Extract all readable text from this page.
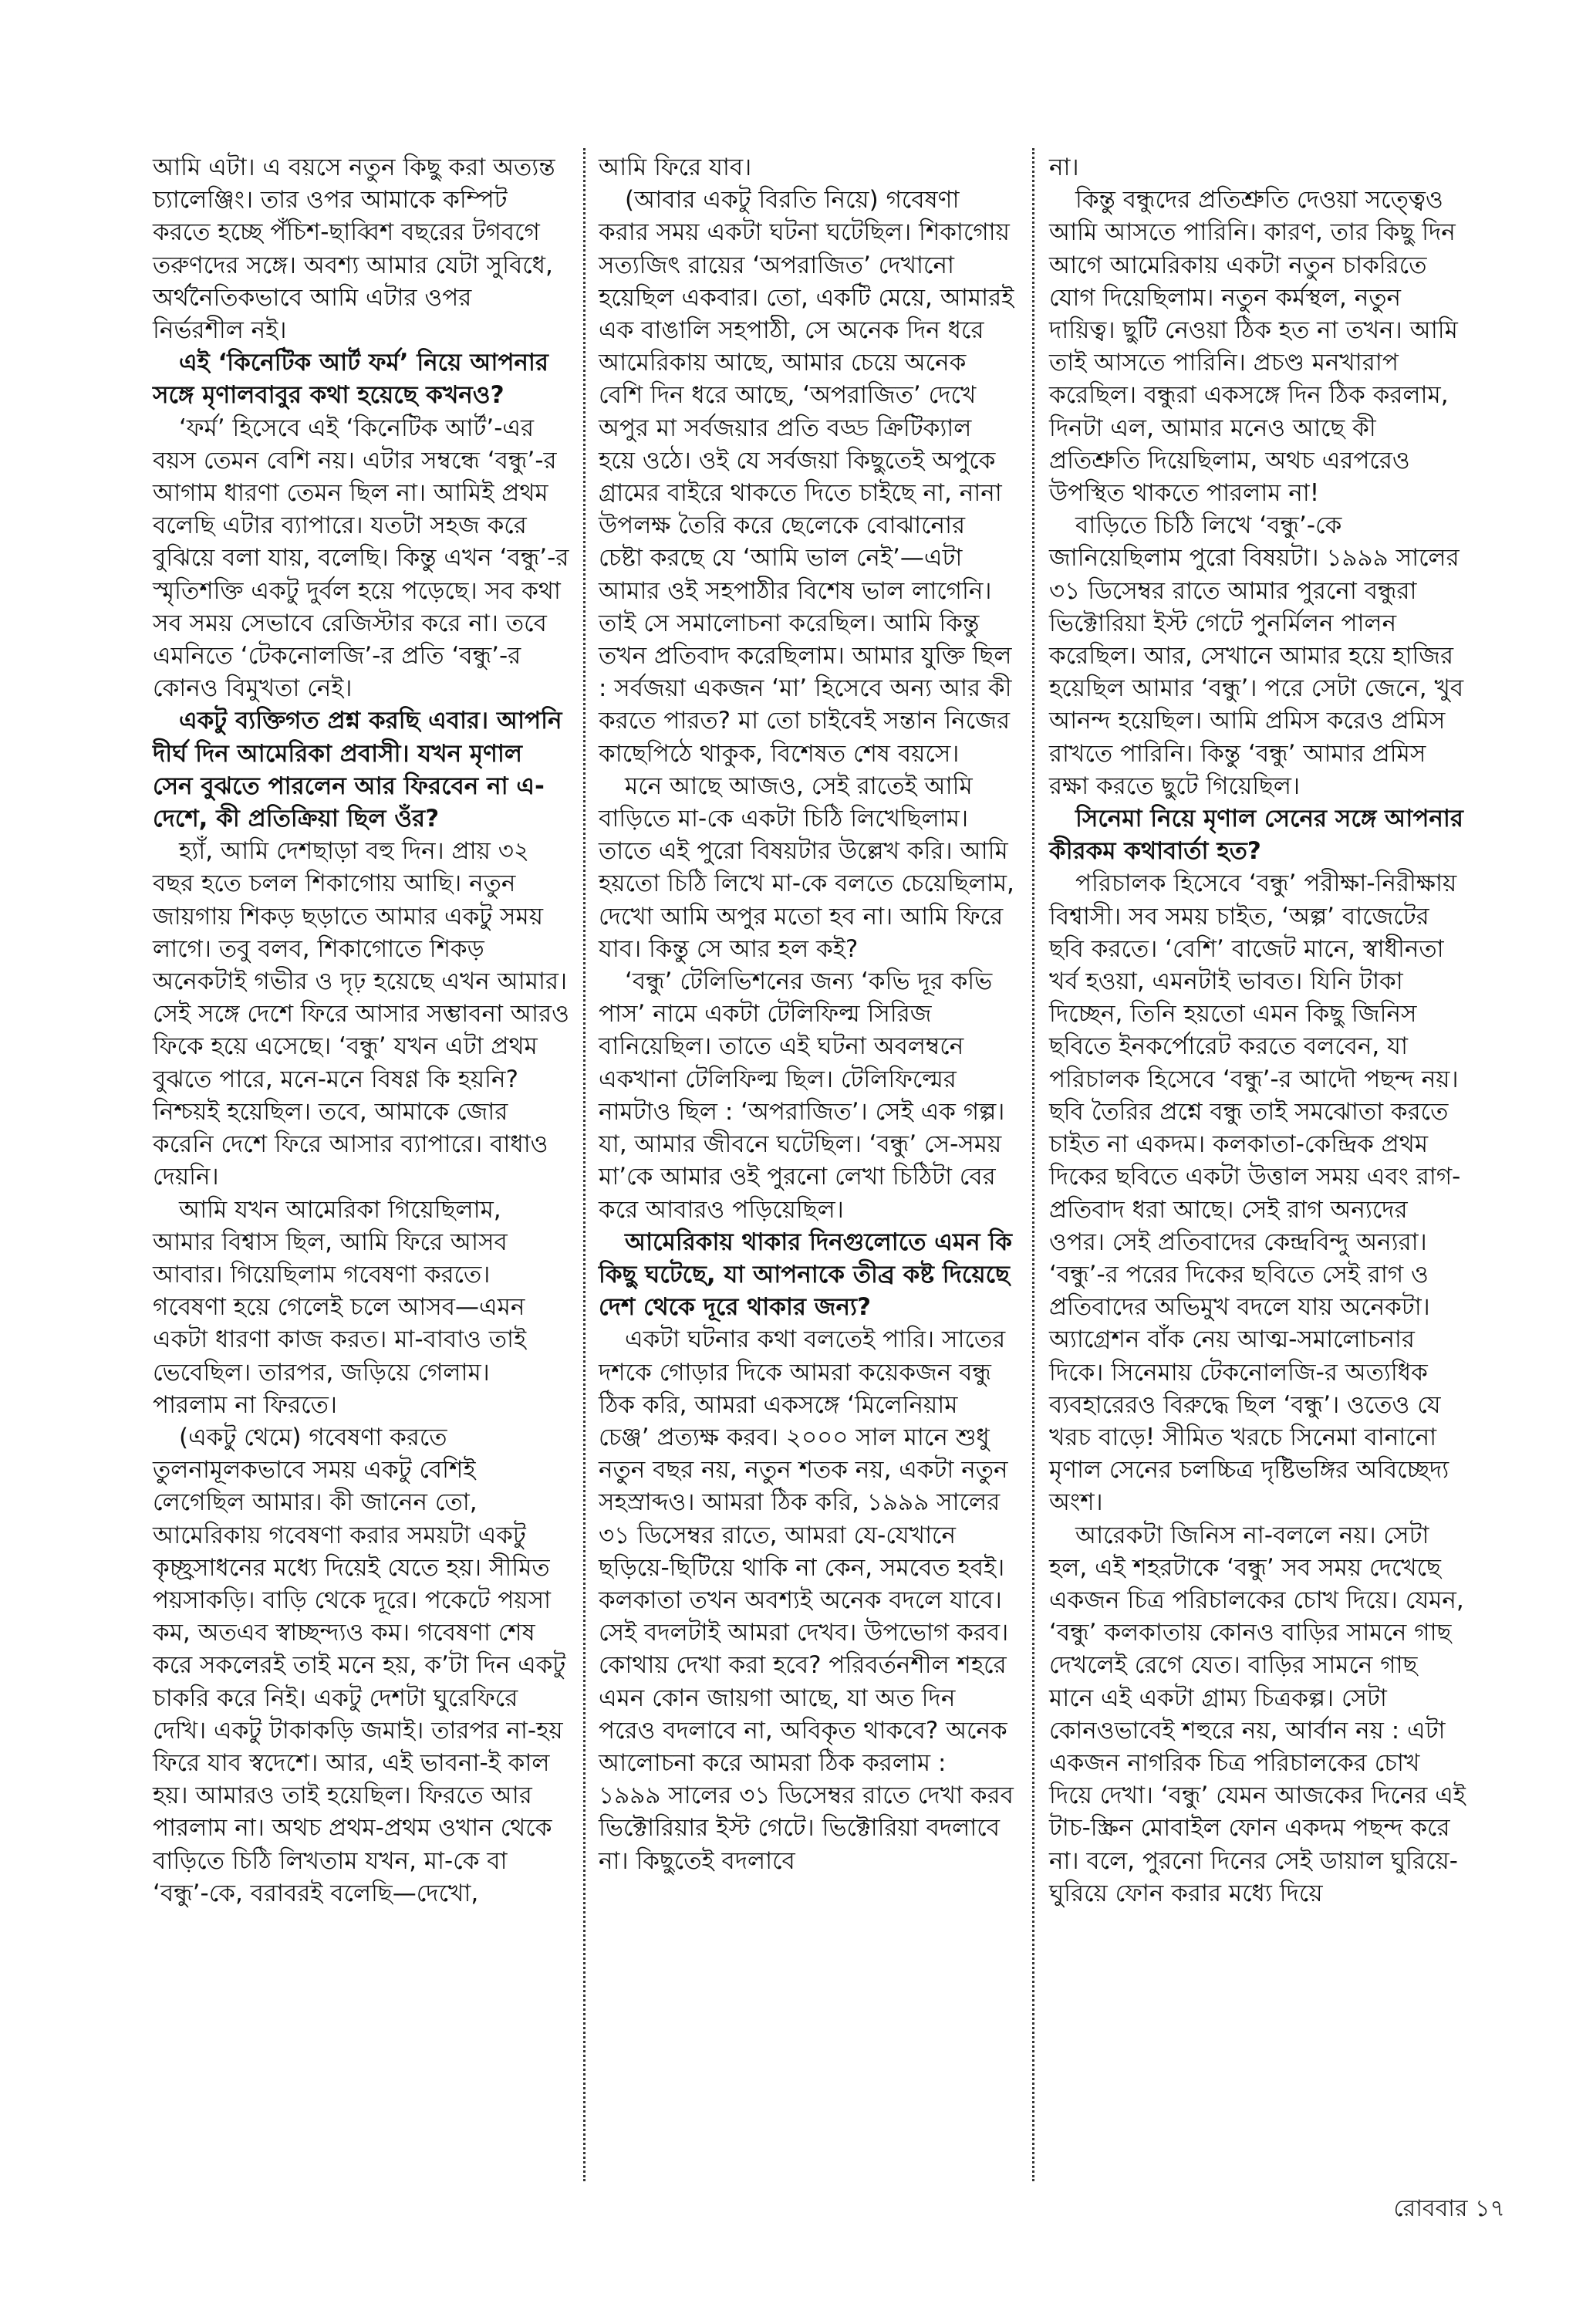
আমি এটা। এ বয়সে নতুন কিছু করা অত্যন্ত চ্যালেঞ্জিং। তার ওপর আমাকে কম্পিট করতে হচ্ছে পঁচিশ-ছাব্বিশ বছরের টগবগে তরুণদের সঙ্গে। অবশ্য আমার যেটা সুবিধে, অর্থনৈতিকভাবে আমি এটার ওপর নির্ভরশীল নই।

এই ‘কিনেটিক আর্ট ফর্ম’ নিয়ে আপনার সঙ্গে মৃণালবাবুর কথা হয়েছে কখনও?

‘ফর্ম’ হিসেবে এই ‘কিনেটিক আর্ট’-এর বয়স তেমন বেশি নয়। এটার সম্বন্ধে ‘বন্ধু’-র আগাম ধারণা তেমন ছিল না। আমিই প্রথম বলেছি এটার ব্যাপারে। যতটা সহজ করে বুঝিয়ে বলা যায়, বলেছি। কিন্তু এখন ‘বন্ধু’-র স্মৃতিশক্তি একটু দুর্বল হয়ে পড়েছে। সব কথা সব সময় সেভাবে রেজিস্টার করে না। তবে এমনিতে ‘টেকনোলজি’-র প্রতি ‘বন্ধু’-র কোনও বিমুখতা নেই।

একটু ব্যক্তিগত প্রশ্ন করছি এবার। আপনি দীর্ঘ দিন আমেরিকা প্রবাসী। যখন মৃণাল সেন বুঝতে পারলেন আর ফিরবেন না এ-দেশে, কী প্রতিক্রিয়া ছিল ওঁর?

হ্যাঁ, আমি দেশছাড়া বহু দিন। প্রায় ৩২ বছর হতে চলল শিকাগোয় আছি। নতুন জায়গায় শিকড় ছড়াতে আমার একটু সময় লাগে। তবু বলব, শিকাগোতে শিকড় অনেকটাই গভীর ও দৃঢ় হয়েছে এখন আমার। সেই সঙ্গে দেশে ফিরে আসার সম্ভাবনা আরও ফিকে হয়ে এসেছে। ‘বন্ধু’ যখন এটা প্রথম বুঝতে পারে, মনে-মনে বিষণ্ণ কি হয়নি? নিশ্চয়ই হয়েছিল। তবে, আমাকে জোর করেনি দেশে ফিরে আসার ব্যাপারে। বাধাও দেয়নি।

আমি যখন আমেরিকা গিয়েছিলাম, আমার বিশ্বাস ছিল, আমি ফিরে আসব আবার। গিয়েছিলাম গবেষণা করতে। গবেষণা হয়ে গেলেই চলে আসব—এমন একটা ধারণা কাজ করত। মা-বাবাও তাই ভেবেছিল। তারপর, জড়িয়ে গেলাম। পারলাম না ফিরতে।

(একটু থেমে) গবেষণা করতে তুলনামূলকভাবে সময় একটু বেশিই লেগেছিল আমার। কী জানেন তো, আমেরিকায় গবেষণা করার সময়টা একটু কৃচ্ছ্রসাধনের মধ্যে দিয়েই যেতে হয়। সীমিত পয়সাকড়ি। বাড়ি থেকে দূরে। পকেটে পয়সা কম, অতএব স্বাচ্ছন্দ্যও কম। গবেষণা শেষ করে সকলেরই তাই মনে হয়, ক’টা দিন একটু চাকরি করে নিই। একটু দেশটা ঘুরেফিরে দেখি। একটু টাকাকড়ি জমাই। তারপর না-হয় ফিরে যাব স্বদেশে। আর, এই ভাবনা-ই কাল হয়। আমারও তাই হয়েছিল। ফিরতে আর পারলাম না। অথচ প্রথম-প্রথম ওখান থেকে বাড়িতে চিঠি লিখতাম যখন, মা-কে বা ‘বন্ধু’-কে, বরাবরই বলেছি—দেখো,

আমি ফিরে যাব।

(আবার একটু বিরতি নিয়ে) গবেষণা করার সময় একটা ঘটনা ঘটেছিল। শিকাগোয় সত্যজিৎ রায়ের ‘অপরাজিত’ দেখানো হয়েছিল একবার। তো, একটি মেয়ে, আমারই এক বাঙালি সহপাঠী, সে অনেক দিন ধরে আমেরিকায় আছে, আমার চেয়ে অনেক বেশি দিন ধরে আছে, ‘অপরাজিত’ দেখে অপুর মা সর্বজয়ার প্রতি বড্ড ক্রিটিক্যাল হয়ে ওঠে। ওই যে সর্বজয়া কিছুতেই অপুকে গ্রামের বাইরে থাকতে দিতে চাইছে না, নানা উপলক্ষ তৈরি করে ছেলেকে বোঝানোর চেষ্টা করছে যে ‘আমি ভাল নেই’—এটা আমার ওই সহপাঠীর বিশেষ ভাল লাগেনি। তাই সে সমালোচনা করেছিল। আমি কিন্তু তখন প্রতিবাদ করেছিলাম। আমার যুক্তি ছিল : সর্বজয়া একজন ‘মা’ হিসেবে অন্য আর কী করতে পারত? মা তো চাইবেই সন্তান নিজের কাছেপিঠে থাকুক, বিশেষত শেষ বয়সে।

মনে আছে আজও, সেই রাতেই আমি বাড়িতে মা-কে একটা চিঠি লিখেছিলাম। তাতে এই পুরো বিষয়টার উল্লেখ করি। আমি হয়তো চিঠি লিখে মা-কে বলতে চেয়েছিলাম, দেখো আমি অপুর মতো হব না। আমি ফিরে যাব। কিন্তু সে আর হল কই?

‘বন্ধু’ টেলিভিশনের জন্য ‘কভি দূর কভি পাস’ নামে একটা টেলিফিল্ম সিরিজ বানিয়েছিল। তাতে এই ঘটনা অবলম্বনে একখানা টেলিফিল্ম ছিল। টেলিফিল্মের নামটাও ছিল : ‘অপরাজিত’। সেই এক গল্প। যা, আমার জীবনে ঘটেছিল। ‘বন্ধু’ সে-সময় মা’কে আমার ওই পুরনো লেখা চিঠিটা বের করে আবারও পড়িয়েছিল।

আমেরিকায় থাকার দিনগুলোতে এমন কি কিছু ঘটেছে, যা আপনাকে তীব্র কষ্ট দিয়েছে দেশ থেকে দূরে থাকার জন্য?

একটা ঘটনার কথা বলতেই পারি। সাতের দশকে গোড়ার দিকে আমরা কয়েকজন বন্ধু ঠিক করি, আমরা একসঙ্গে ‘মিলেনিয়াম চেঞ্জ’ প্রত্যক্ষ করব। ২০০০ সাল মানে শুধু নতুন বছর নয়, নতুন শতক নয়, একটা নতুন সহস্রাব্দও। আমরা ঠিক করি, ১৯৯৯ সালের ৩১ ডিসেম্বর রাতে, আমরা যে-যেখানে ছড়িয়ে-ছিটিয়ে থাকি না কেন, সমবেত হবই। কলকাতা তখন অবশ্যই অনেক বদলে যাবে। সেই বদলটাই আমরা দেখব। উপভোগ করব। কোথায় দেখা করা হবে? পরিবর্তনশীল শহরে এমন কোন জায়গা আছে, যা অত দিন পরেও বদলাবে না, অবিকৃত থাকবে? অনেক আলোচনা করে আমরা ঠিক করলাম : ১৯৯৯ সালের ৩১ ডিসেম্বর রাতে দেখা করব ভিক্টোরিয়ার ইস্ট গেটে। ভিক্টোরিয়া বদলাবে না। কিছুতেই বদলাবে

না।

কিন্তু বন্ধুদের প্রতিশ্রুতি দেওয়া সত্ত্বেও আমি আসতে পারিনি। কারণ, তার কিছু দিন আগে আমেরিকায় একটা নতুন চাকরিতে যোগ দিয়েছিলাম। নতুন কর্মস্থল, নতুন দায়িত্ব। ছুটি নেওয়া ঠিক হত না তখন। আমি তাই আসতে পারিনি। প্রচণ্ড মনখারাপ করেছিল। বন্ধুরা একসঙ্গে দিন ঠিক করলাম, দিনটা এল, আমার মনেও আছে কী প্রতিশ্রুতি দিয়েছিলাম, অথচ এরপরেও উপস্থিত থাকতে পারলাম না!

বাড়িতে চিঠি লিখে ‘বন্ধু’-কে জানিয়েছিলাম পুরো বিষয়টা। ১৯৯৯ সালের ৩১ ডিসেম্বর রাতে আমার পুরনো বন্ধুরা ভিক্টোরিয়া ইস্ট গেটে পুনর্মিলন পালন করেছিল। আর, সেখানে আমার হয়ে হাজির হয়েছিল আমার ‘বন্ধু’। পরে সেটা জেনে, খুব আনন্দ হয়েছিল। আমি প্রমিস করেও প্রমিস রাখতে পারিনি। কিন্তু ‘বন্ধু’ আমার প্রমিস রক্ষা করতে ছুটে গিয়েছিল।

সিনেমা নিয়ে মৃণাল সেনের সঙ্গে আপনার কীরকম কথাবার্তা হত?

পরিচালক হিসেবে ‘বন্ধু’ পরীক্ষা-নিরীক্ষায় বিশ্বাসী। সব সময় চাইত, ‘অল্প’ বাজেটের ছবি করতে। ‘বেশি’ বাজেট মানে, স্বাধীনতা খর্ব হওয়া, এমনটাই ভাবত। যিনি টাকা দিচ্ছেন, তিনি হয়তো এমন কিছু জিনিস ছবিতে ইনকর্পোরেট করতে বলবেন, যা পরিচালক হিসেবে ‘বন্ধু’-র আদৌ পছন্দ নয়। ছবি তৈরির প্রশ্নে বন্ধু তাই সমঝোতা করতে চাইত না একদম। কলকাতা-কেন্দ্রিক প্রথম দিকের ছবিতে একটা উত্তাল সময় এবং রাগ-প্রতিবাদ ধরা আছে। সেই রাগ অন্যদের ওপর। সেই প্রতিবাদের কেন্দ্রবিন্দু অন্যরা। ‘বন্ধু’-র পরের দিকের ছবিতে সেই রাগ ও প্রতিবাদের অভিমুখ বদলে যায় অনেকটা। অ্যাগ্রেশন বাঁক নেয় আত্ম-সমালোচনার দিকে। সিনেমায় টেকনোলজি-র অত্যধিক ব্যবহারেরও বিরুদ্ধে ছিল ‘বন্ধু’। ওতেও যে খরচ বাড়ে! সীমিত খরচে সিনেমা বানানো মৃণাল সেনের চলচ্চিত্র দৃষ্টিভঙ্গির অবিচ্ছেদ্য অংশ।

আরেকটা জিনিস না-বললে নয়। সেটা হল, এই শহরটাকে ‘বন্ধু’ সব সময় দেখেছে একজন চিত্র পরিচালকের চোখ দিয়ে। যেমন, ‘বন্ধু’ কলকাতায় কোনও বাড়ির সামনে গাছ দেখলেই রেগে যেত। বাড়ির সামনে গাছ মানে এই একটা গ্রাম্য চিত্রকল্প। সেটা কোনওভাবেই শহুরে নয়, আর্বান নয় : এটা একজন নাগরিক চিত্র পরিচালকের চোখ দিয়ে দেখা। ‘বন্ধু’ যেমন আজকের দিনের এই টাচ-স্ক্রিন মোবাইল ফোন একদম পছন্দ করে না। বলে, পুরনো দিনের সেই ডায়াল ঘুরিয়ে-ঘুরিয়ে ফোন করার মধ্যে দিয়ে

রোববার ১৭
